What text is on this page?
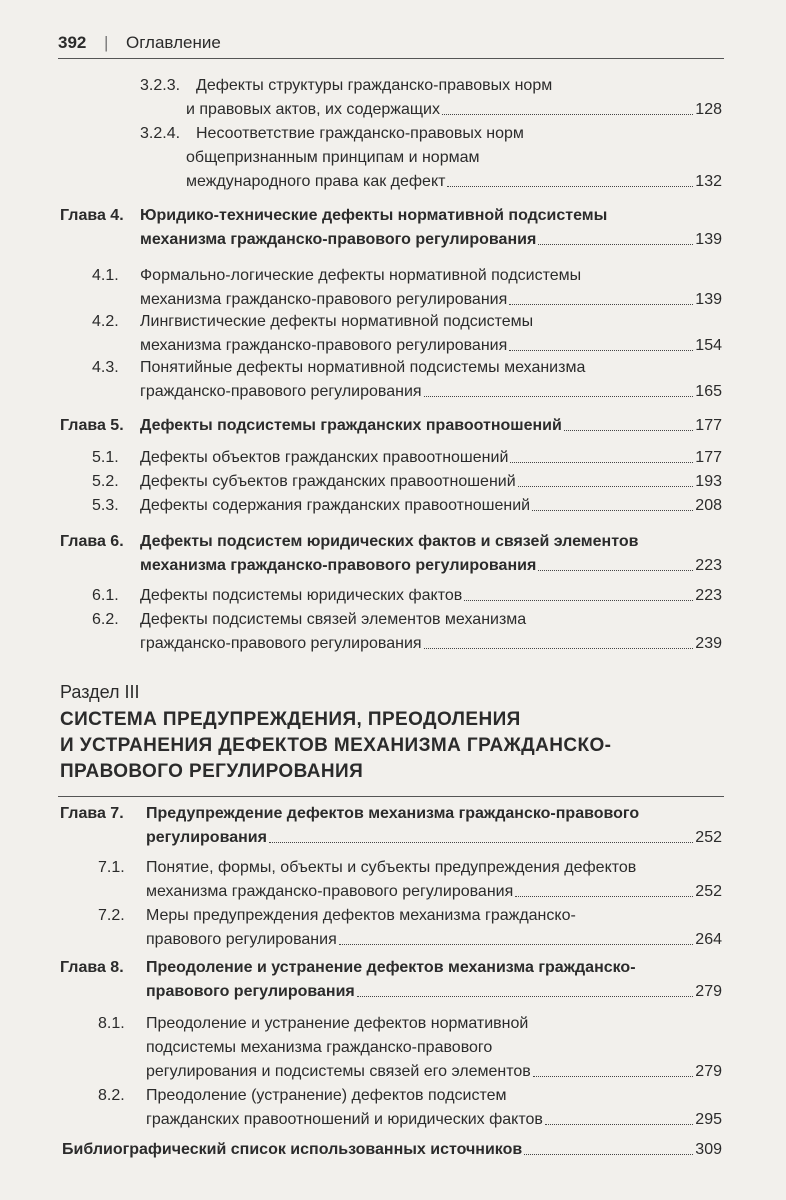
392 | Оглавление
3.2.3. Дефекты структуры гражданско-правовых норм
и правовых актов, их содержащих	128
3.2.4. Несоответствие гражданско-правовых норм
общепризнанным принципам и нормам
международного права как дефект	132
Глава 4. Юридико-технические дефекты нормативной подсистемы
механизма гражданско-правового регулирования	139
4.1. Формально-логические дефекты нормативной подсистемы
механизма гражданско-правового регулирования	139
4.2. Лингвистические дефекты нормативной подсистемы
механизма гражданско-правового регулирования	154
4.3. Понятийные дефекты нормативной подсистемы механизма
гражданско-правового регулирования	165
Глава 5. Дефекты подсистемы гражданских правоотношений	177
5.1. Дефекты объектов гражданских правоотношений	177
5.2. Дефекты субъектов гражданских правоотношений	193
5.3. Дефекты содержания гражданских правоотношений	208
Глава 6. Дефекты подсистем юридических фактов и связей элементов
механизма гражданско-правового регулирования	223
6.1. Дефекты подсистемы юридических фактов	223
6.2. Дефекты подсистемы связей элементов механизма
гражданско-правового регулирования	239
Глава 7. Предупреждение дефектов механизма гражданско-правового
регулирования	252
7.1. Понятие, формы, объекты и субъекты предупреждения дефектов
механизма гражданско-правового регулирования	252
7.2. Меры предупреждения дефектов механизма гражданско-
правового регулирования	264
Глава 8. Преодоление и устранение дефектов механизма гражданско-
правового регулирования	279
8.1. Преодоление и устранение дефектов нормативной
подсистемы механизма гражданско-правового
регулирования и подсистемы связей его элементов	279
8.2. Преодоление (устранение) дефектов подсистем
гражданских правоотношений и юридических фактов	295
Библиографический список использованных источников	309
Раздел III
СИСТЕМА ПРЕДУПРЕЖДЕНИЯ, ПРЕОДОЛЕНИЯ
И УСТРАНЕНИЯ ДЕФЕКТОВ МЕХАНИЗМА ГРАЖДАНСКО-
ПРАВОВОГО РЕГУЛИРОВАНИЯ
